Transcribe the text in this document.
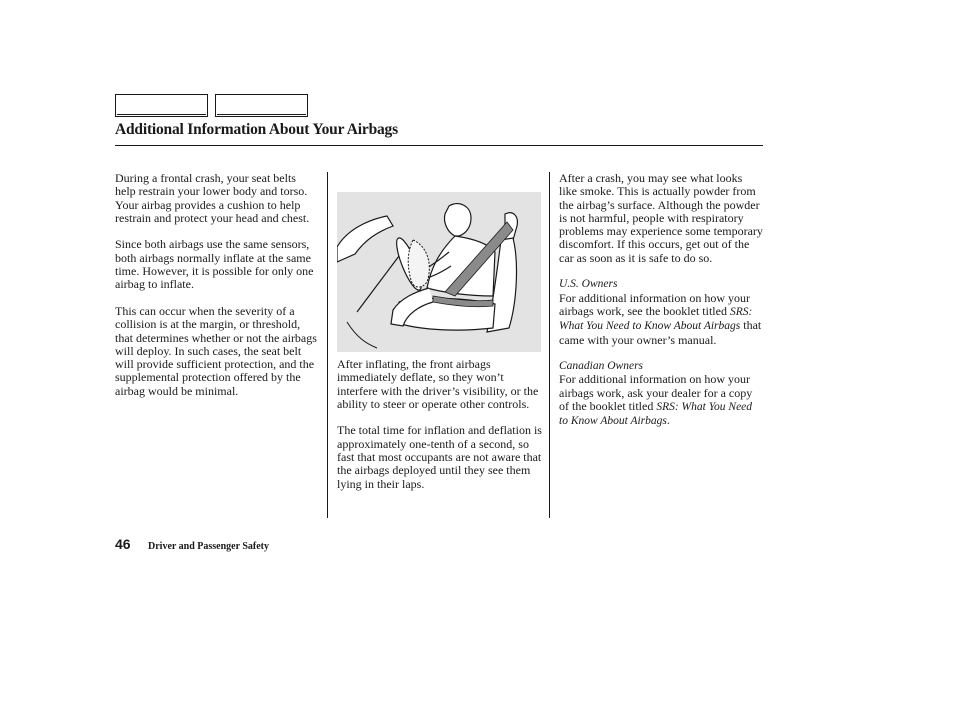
Additional Information About Your Airbags

During a frontal crash, your seat belts help restrain your lower body and torso. Your airbag provides a cushion to help restrain and protect your head and chest.

Since both airbags use the same sensors, both airbags normally inflate at the same time. However, it is possible for only one airbag to inflate.

This can occur when the severity of a collision is at the margin, or threshold, that determines whether or not the airbags will deploy. In such cases, the seat belt will provide sufficient protection, and the supplemental protection offered by the airbag would be minimal.

After inflating, the front airbags immediately deflate, so they won’t interfere with the driver’s visibility, or the ability to steer or operate other controls.

The total time for inflation and deflation is approximately one-tenth of a second, so fast that most occupants are not aware that the airbags deployed until they see them lying in their laps.

After a crash, you may see what looks like smoke. This is actually powder from the airbag’s surface. Although the powder is not harmful, people with respiratory problems may experience some temporary discomfort. If this occurs, get out of the car as soon as it is safe to do so.

U.S. Owners

For additional information on how your airbags work, see the booklet titled SRS: What You Need to Know About Airbags that came with your owner’s manual.

Canadian Owners

For additional information on how your airbags work, ask your dealer for a copy of the booklet titled SRS: What You Need to Know About Airbags.

46 Driver and Passenger Safety
